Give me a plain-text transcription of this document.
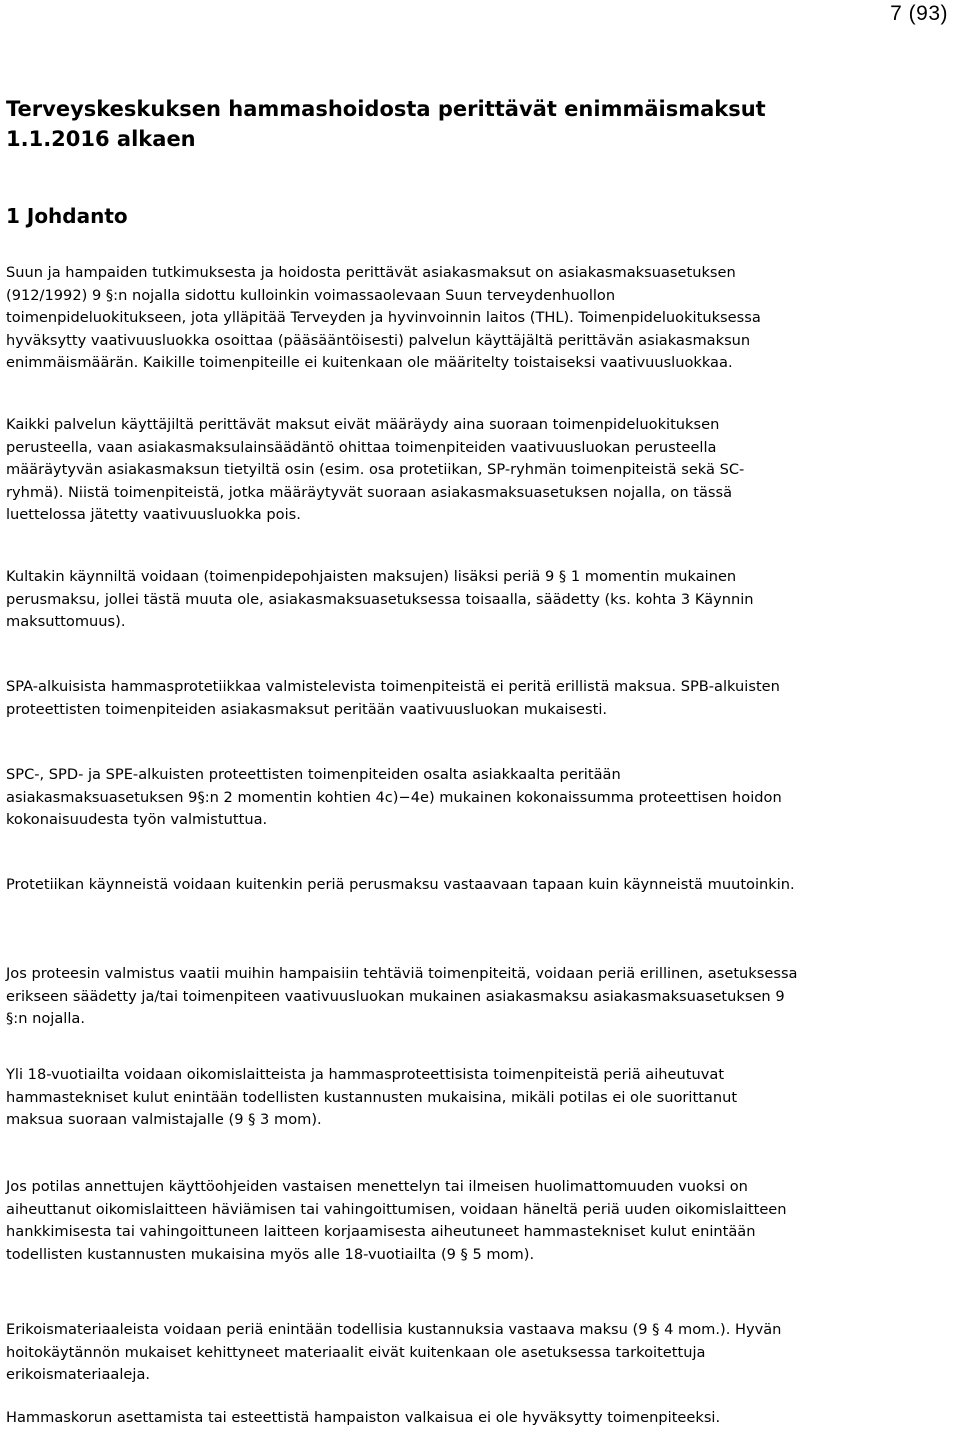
7 (93)
Terveyskeskuksen hammashoidosta perittävät enimmäismaksut
1.1.2016 alkaen
1 Johdanto

Suun ja hampaiden tutkimuksesta ja hoidosta perittävät asiakasmaksut on asiakasmaksuasetuksen
(912/1992) 9 §:n nojalla sidottu kulloinkin voimassaolevaan Suun terveydenhuollon
toimenpideluokitukseen, jota ylläpitää Terveyden ja hyvinvoinnin laitos (THL). Toimenpideluokituksessa
hyväksytty vaativuusluokka osoittaa (pääsääntöisesti) palvelun käyttäjältä perittävän asiakasmaksun
enimmäismäärän. Kaikille toimenpiteille ei kuitenkaan ole määritelty toistaiseksi vaativuusluokkaa.

Kaikki palvelun käyttäjiltä perittävät maksut eivät määräydy aina suoraan toimenpideluokituksen
perusteella, vaan asiakasmaksulainsäädäntö ohittaa toimenpiteiden vaativuusluokan perusteella
määräytyvän asiakasmaksun tietyiltä osin (esim. osa protetiikan, SP-ryhmän toimenpiteistä sekä SC-
ryhmä). Niistä toimenpiteistä, jotka määräytyvät suoraan asiakasmaksuasetuksen nojalla, on tässä
luettelossa jätetty vaativuusluokka pois.

Kultakin käynniltä voidaan (toimenpidepohjaisten maksujen) lisäksi periä 9 § 1 momentin mukainen
perusmaksu, jollei tästä muuta ole, asiakasmaksuasetuksessa toisaalla, säädetty (ks. kohta 3 Käynnin
maksuttomuus).

SPA-alkuisista hammasprotetiikkaa valmistelevista toimenpiteistä ei peritä erillistä maksua. SPB-alkuisten
proteettisten toimenpiteiden asiakasmaksut peritään vaativuusluokan mukaisesti.

SPC-, SPD- ja SPE-alkuisten proteettisten toimenpiteiden osalta asiakkaalta peritään
asiakasmaksuasetuksen 9§:n 2 momentin kohtien 4c)−4e) mukainen kokonaissumma proteettisen hoidon
kokonaisuudesta työn valmistuttua.

Protetiikan käynneistä voidaan kuitenkin periä perusmaksu vastaavaan tapaan kuin käynneistä muutoinkin.

Jos proteesin valmistus vaatii muihin hampaisiin tehtäviä toimenpiteitä, voidaan periä erillinen, asetuksessa
erikseen säädetty ja/tai toimenpiteen vaativuusluokan mukainen asiakasmaksu asiakasmaksuasetuksen 9
§:n nojalla.

Yli 18-vuotiailta voidaan oikomislaitteista ja hammasproteettisista toimenpiteistä periä aiheutuvat
hammastekniset kulut enintään todellisten kustannusten mukaisina, mikäli potilas ei ole suorittanut
maksua suoraan valmistajalle (9 § 3 mom).

Jos potilas annettujen käyttöohjeiden vastaisen menettelyn tai ilmeisen huolimattomuuden vuoksi on
aiheuttanut oikomislaitteen häviämisen tai vahingoittumisen, voidaan häneltä periä uuden oikomislaitteen
hankkimisesta tai vahingoittuneen laitteen korjaamisesta aiheutuneet hammastekniset kulut enintään
todellisten kustannusten mukaisina myös alle 18-vuotiailta (9 § 5 mom).

Erikoismateriaaleista voidaan periä enintään todellisia kustannuksia vastaava maksu (9 § 4 mom.). Hyvän
hoitokäytännön mukaiset kehittyneet materiaalit eivät kuitenkaan ole asetuksessa tarkoitettuja
erikoismateriaaleja.

Hammaskorun asettamista tai esteettistä hampaiston valkaisua ei ole hyväksytty toimenpiteeksi.
